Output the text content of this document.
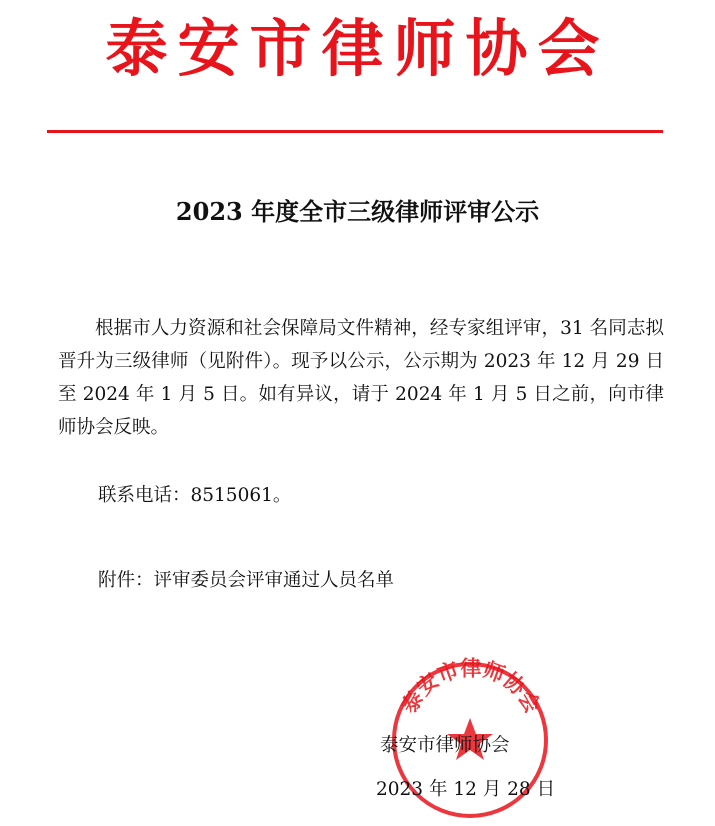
泰安市律师协会
2023 年度全市三级律师评审公示

根据市人力资源和社会保障局文件精神，经专家组评审，31 名同志拟晋升为三级律师（见附件）。现予以公示，公示期为 2023 年 12 月 29 日至 2024 年 1 月 5 日。如有异议，请于 2024 年 1 月 5 日之前，向市律师协会反映。

联系电话：8515061。
附件：评审委员会评审通过人员名单
泰安市律师协会
泰安市律师协会
2023 年 12 月 28 日
